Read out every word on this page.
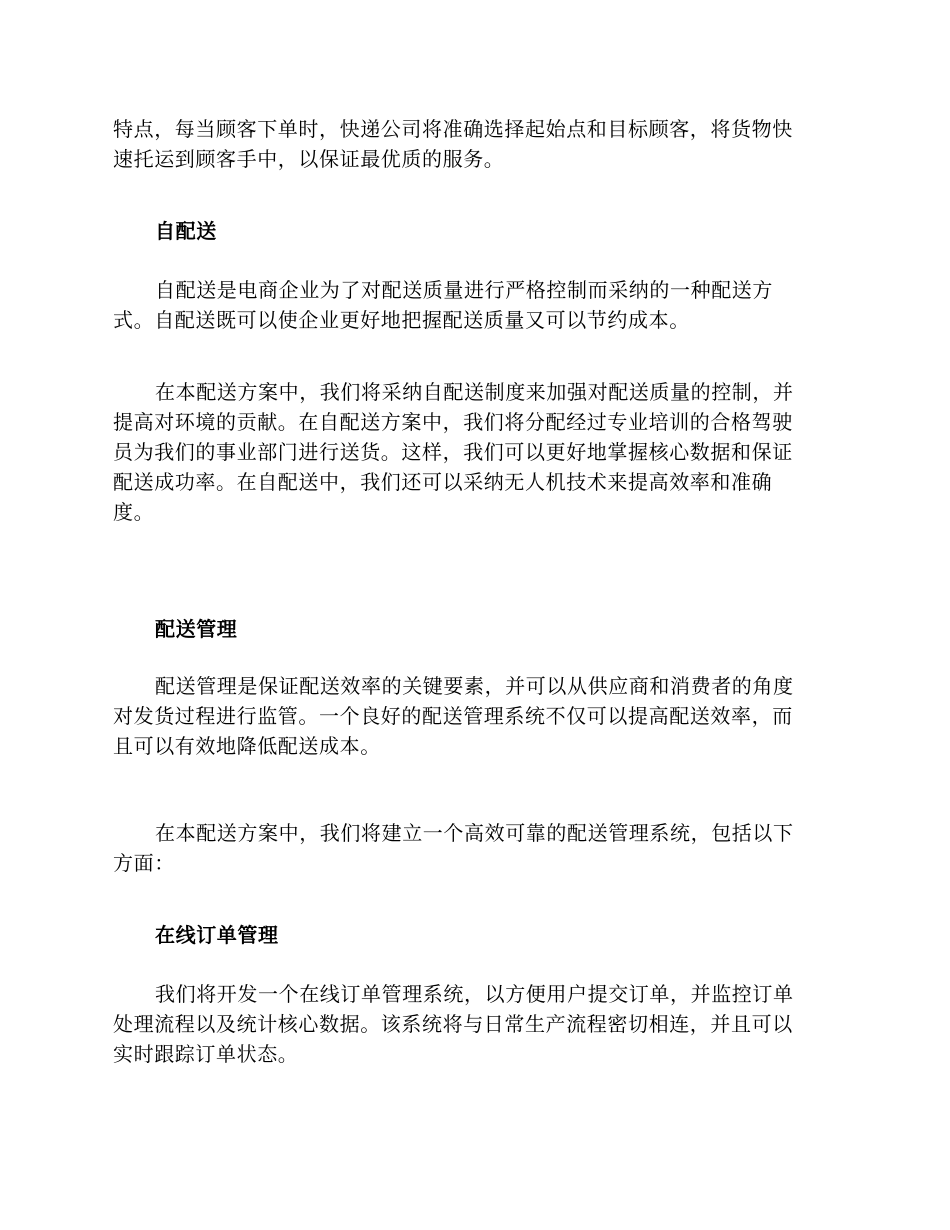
特点，每当顾客下单时，快递公司将准确选择起始点和目标顾客，将货物快
速托运到顾客手中，以保证最优质的服务。

自配送

自配送是电商企业为了对配送质量进行严格控制而采纳的一种配送方
式。自配送既可以使企业更好地把握配送质量又可以节约成本。

在本配送方案中，我们将采纳自配送制度来加强对配送质量的控制，并
提高对环境的贡献。在自配送方案中，我们将分配经过专业培训的合格驾驶
员为我们的事业部门进行送货。这样，我们可以更好地掌握核心数据和保证
配送成功率。在自配送中，我们还可以采纳无人机技术来提高效率和准确
度。

配送管理

配送管理是保证配送效率的关键要素，并可以从供应商和消费者的角度
对发货过程进行监管。一个良好的配送管理系统不仅可以提高配送效率，而
且可以有效地降低配送成本。

在本配送方案中，我们将建立一个高效可靠的配送管理系统，包括以下
方面：

在线订单管理

我们将开发一个在线订单管理系统，以方便用户提交订单，并监控订单
处理流程以及统计核心数据。该系统将与日常生产流程密切相连，并且可以
实时跟踪订单状态。
